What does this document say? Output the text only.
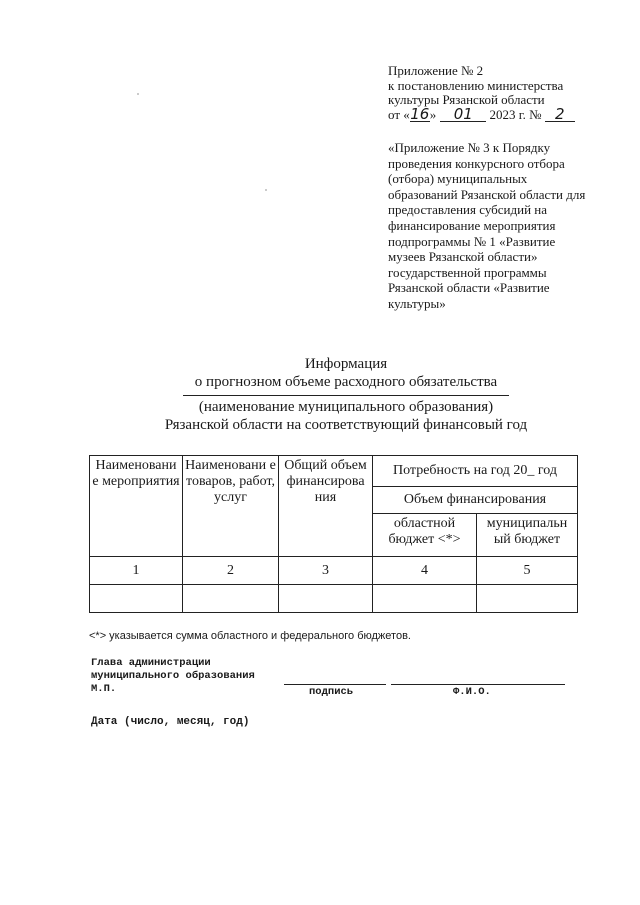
Приложение № 2
к постановлению министерства
культуры Рязанской области
от «16» 01 2023 г. № 2
«Приложение № 3 к Порядку
проведения конкурсного отбора
(отбора) муниципальных
образований Рязанской области для
предоставления субсидий на
финансирование мероприятия
подпрограммы № 1 «Развитие
музеев Рязанской области»
государственной программы
Рязанской области «Развитие
культуры»
Информация
о прогнозном объеме расходного обязательства
(наименование муниципального образования)
Рязанской области на соответствующий финансовый год
Наименовани е мероприятия	Наименовани е товаров, работ, услуг	Общий объем финансирова ния	Потребность на год 20_ год	
			Объем финансирования	
			областной бюджет <*>	муниципальн ый бюджет
1	2	3	4	5

<*> указывается сумма областного и федерального бюджетов.
Глава администрации
муниципального образования
М.П.	подпись	Ф.И.О.
Дата (число, месяц, год)
